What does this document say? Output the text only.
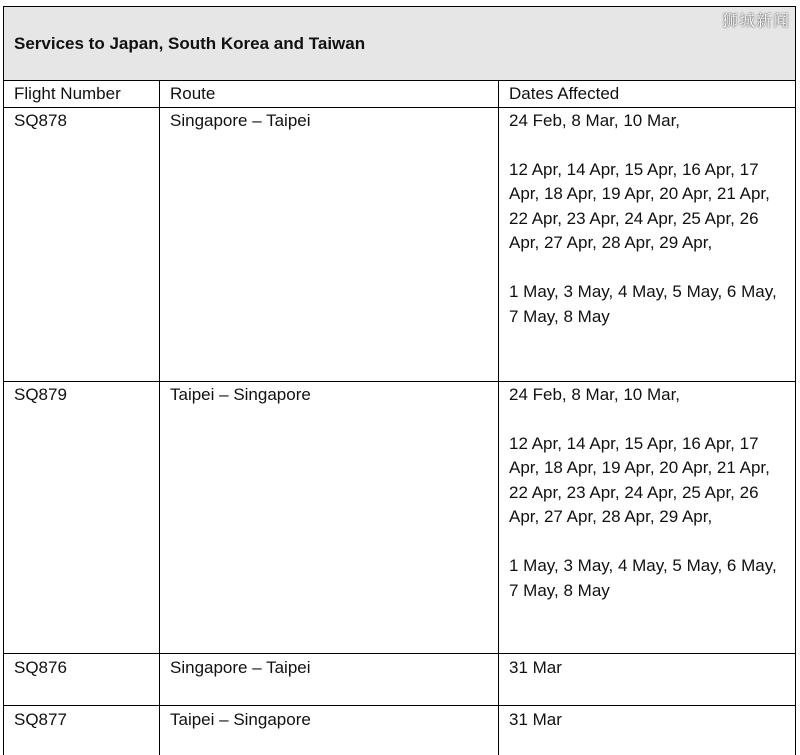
狮城新闻
Services to Japan, South Korea and Taiwan		
Flight Number	Route	Dates Affected
SQ878	Singapore – Taipei	24 Feb, 8 Mar, 10 Mar,
12 Apr, 14 Apr, 15 Apr, 16 Apr, 17 Apr, 18 Apr, 19 Apr, 20 Apr, 21 Apr, 22 Apr, 23 Apr, 24 Apr, 25 Apr, 26 Apr, 27 Apr, 28 Apr, 29 Apr,
1 May, 3 May, 4 May, 5 May, 6 May, 7 May, 8 May

SQ879	Taipei – Singapore	24 Feb, 8 Mar, 10 Mar,
12 Apr, 14 Apr, 15 Apr, 16 Apr, 17 Apr, 18 Apr, 19 Apr, 20 Apr, 21 Apr, 22 Apr, 23 Apr, 24 Apr, 25 Apr, 26 Apr, 27 Apr, 28 Apr, 29 Apr,
1 May, 3 May, 4 May, 5 May, 6 May, 7 May, 8 May

SQ876	Singapore – Taipei	31 Mar
SQ877	Taipei – Singapore	31 Mar
